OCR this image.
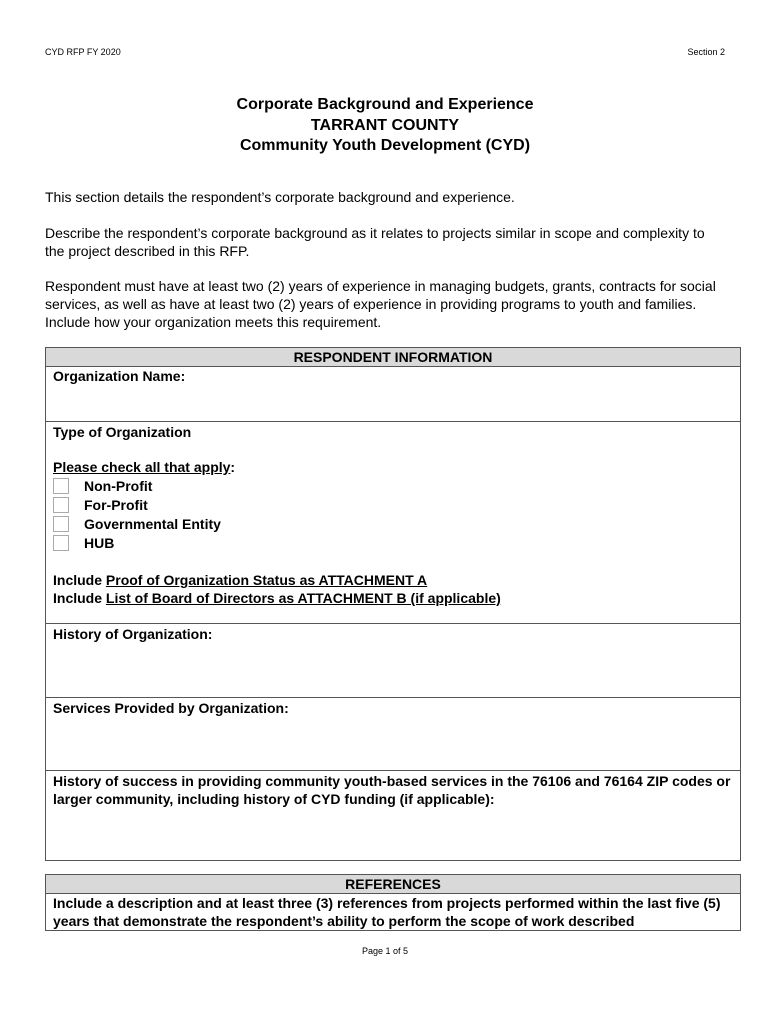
CYD RFP FY 2020	Section 2
Corporate Background and Experience
TARRANT COUNTY
Community Youth Development (CYD)
This section details the respondent’s corporate background and experience.
Describe the respondent’s corporate background as it relates to projects similar in scope and complexity to the project described in this RFP.
Respondent must have at least two (2) years of experience in managing budgets, grants, contracts for social services, as well as have at least two (2) years of experience in providing programs to youth and families. Include how your organization meets this requirement.
RESPONDENT INFORMATION
Organization Name:

Type of Organization
Please check all that apply:
Non-Profit
For-Profit
Governmental Entity
HUB
Include Proof of Organization Status as ATTACHMENT A
Include List of Board of Directors as ATTACHMENT B (if applicable)

History of Organization:
Services Provided by Organization:
History of success in providing community youth-based services in the 76106 and 76164 ZIP codes or larger community, including history of CYD funding (if applicable):
REFERENCES
Include a description and at least three (3) references from projects performed within the last five (5) years that demonstrate the respondent’s ability to perform the scope of work described
Page 1 of 5
